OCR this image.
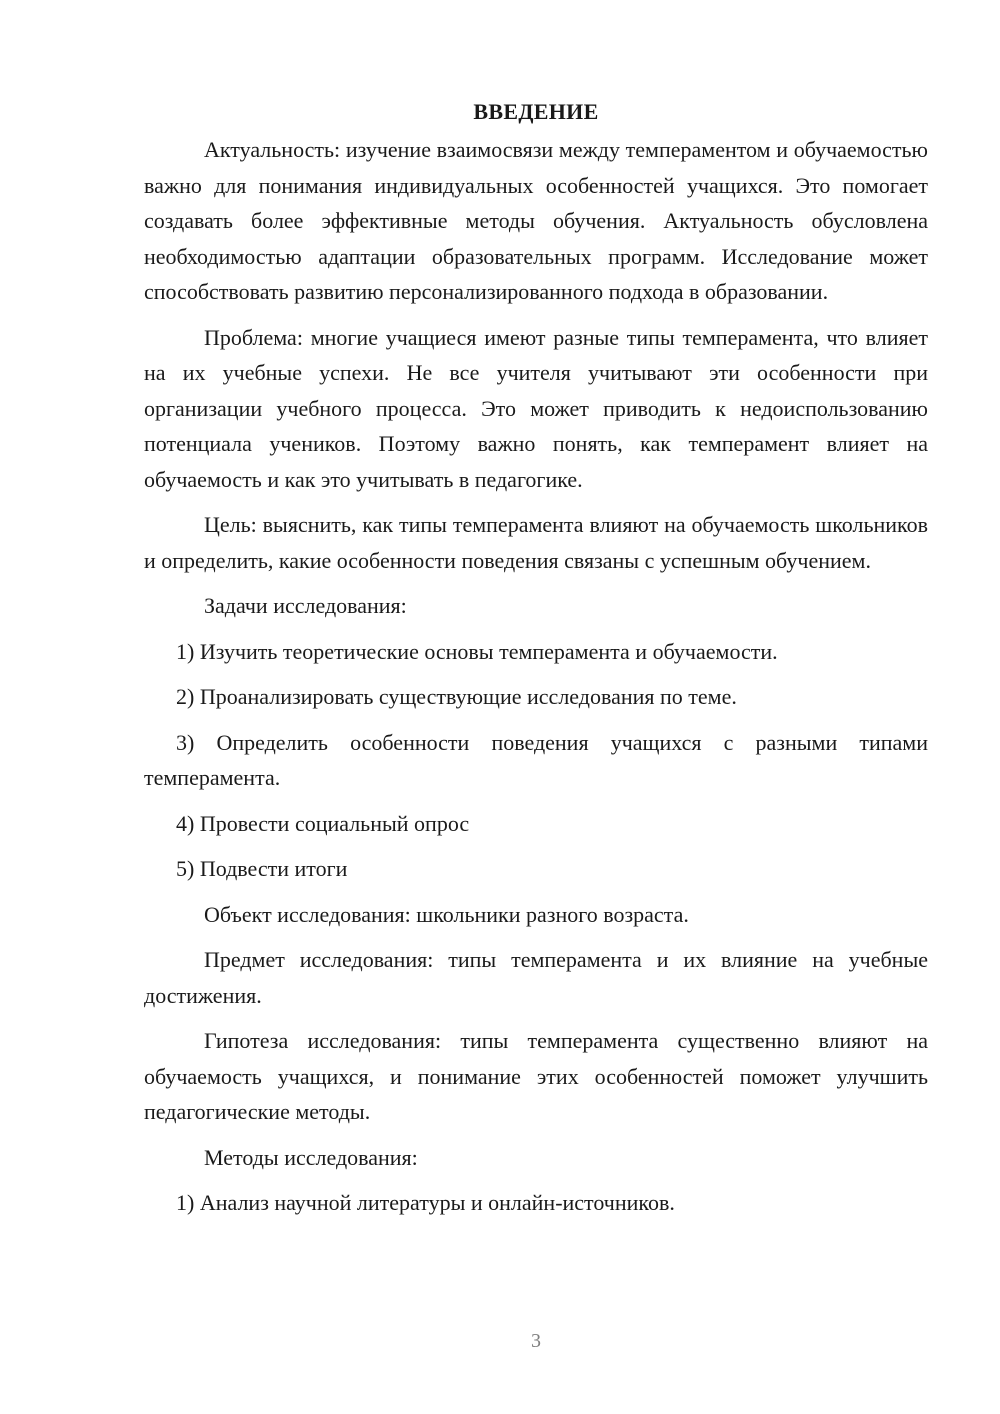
ВВЕДЕНИЕ

Актуальность: изучение взаимосвязи между темпераментом и обучаемостью важно для понимания индивидуальных особенностей учащихся. Это помогает создавать более эффективные методы обучения. Актуальность обусловлена необходимостью адаптации образовательных программ. Исследование может способствовать развитию персонализированного подхода в образовании.

Проблема: многие учащиеся имеют разные типы темперамента, что влияет на их учебные успехи. Не все учителя учитывают эти особенности при организации учебного процесса. Это может приводить к недоиспользованию потенциала учеников. Поэтому важно понять, как темперамент влияет на обучаемость и как это учитывать в педагогике.

Цель: выяснить, как типы темперамента влияют на обучаемость школьников и определить, какие особенности поведения связаны с успешным обучением.

Задачи исследования:

1) Изучить теоретические основы темперамента и обучаемости.

2) Проанализировать существующие исследования по теме.

3) Определить особенности поведения учащихся с разными типами темперамента.

4) Провести социальный опрос

5) Подвести итоги

Объект исследования: школьники разного возраста.

Предмет исследования: типы темперамента и их влияние на учебные достижения.

Гипотеза исследования: типы темперамента существенно влияют на обучаемость учащихся, и понимание этих особенностей поможет улучшить педагогические методы.

Методы исследования:

1) Анализ научной литературы и онлайн-источников.

3
